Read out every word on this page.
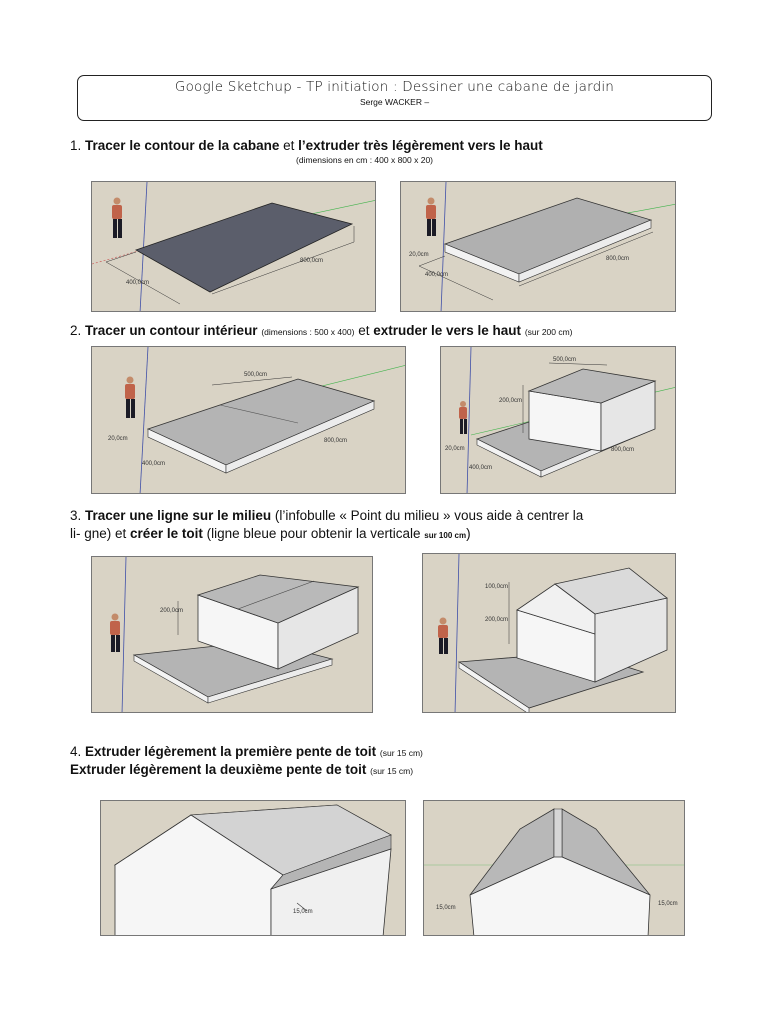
Google Sketchup - TP initiation : Dessiner une cabane de jardin
Serge WACKER –
1. Tracer le contour de la cabane et l’extruder très légèrement vers le haut
(dimensions en cm : 400 x 800 x 20)
800,0cm
400,0cm
800,0cm
400,0cm
20,0cm
2. Tracer un contour intérieur (dimensions : 500 x 400) et extruder le vers le haut (sur 200 cm)
500,0cm
800,0cm
400,0cm
20,0cm
500,0cm
200,0cm
800,0cm
400,0cm
20,0cm
3. Tracer une ligne sur le milieu (l’infobulle « Point du milieu » vous aide à centrer la
li- gne) et créer le toit (ligne bleue pour obtenir la verticale sur 100 cm)
200,0cm
100,0cm
200,0cm
4. Extruder légèrement la première pente de toit (sur 15 cm)
Extruder légèrement la deuxième pente de toit (sur 15 cm)
15,0cm
15,0cm
15,0cm
